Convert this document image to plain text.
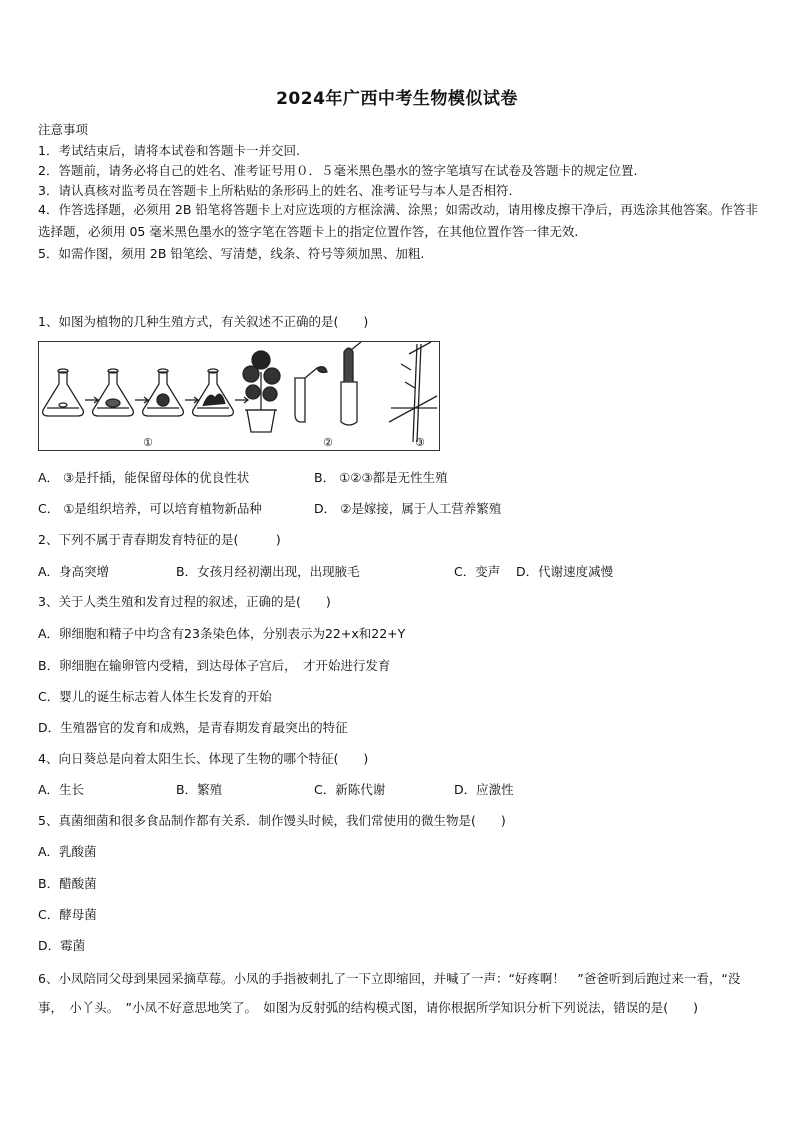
2024年广西中考生物模似试卷
注意事项
1．考试结束后，请将本试卷和答题卡一并交回.
2．答题前，请务必将自己的姓名、准考证号用０．５毫米黑色墨水的签字笔填写在试卷及答题卡的规定位置.
3．请认真核对监考员在答题卡上所粘贴的条形码上的姓名、准考证号与本人是否相符.
4．作答选择题，必须用 2B 铅笔将答题卡上对应选项的方框涂满、涂黑；如需改动，请用橡皮擦干净后，再选涂其他答案。作答非选择题，必须用 05 毫米黑色墨水的签字笔在答题卡上的指定位置作答，在其他位置作答一律无效.
5．如需作图，须用 2B 铅笔绘、写清楚，线条、符号等须加黑、加粗.
1、如图为植物的几种生殖方式，有关叙述不正确的是(　　)
①	②	③
A． ③是扦插，能保留母体的优良性状	B． ①②③都是无性生殖
C． ①是组织培养，可以培育植物新品种	D． ②是嫁接，属于人工营养繁殖
2、下列不属于青春期发育特征的是(　　　)
A．身高突增	B．女孩月经初潮出现，出现腋毛	C．变声 D．代谢速度减慢
3、关于人类生殖和发育过程的叙述，正确的是(　　)
A．卵细胞和精子中均含有23条染色体，分别表示为22+x和22+Y
B．卵细胞在输卵管内受精，到达母体子宫后，　才开始进行发育
C．婴儿的诞生标志着人体生长发育的开始
D．生殖器官的发育和成熟，是青春期发育最突出的特征
4、向日葵总是向着太阳生长、体现了生物的哪个特征(　　)
A．生长	B．繁殖	C．新陈代谢	D．应激性
5、真菌细菌和很多食品制作都有关系．制作馒头时候，我们常使用的微生物是(　　)
A．乳酸菌
B．醋酸菌
C．酵母菌
D．霉菌
6、小凤陪同父母到果园采摘草莓。小凤的手指被刺扎了一下立即缩回，并喊了一声：“好疼啊！　”爸爸听到后跑过来一看，“没事，　小丫头。　”小凤不好意思地笑了。　如图为反射弧的结构模式图，请你根据所学知识分析下列说法，错误的是(　　)
